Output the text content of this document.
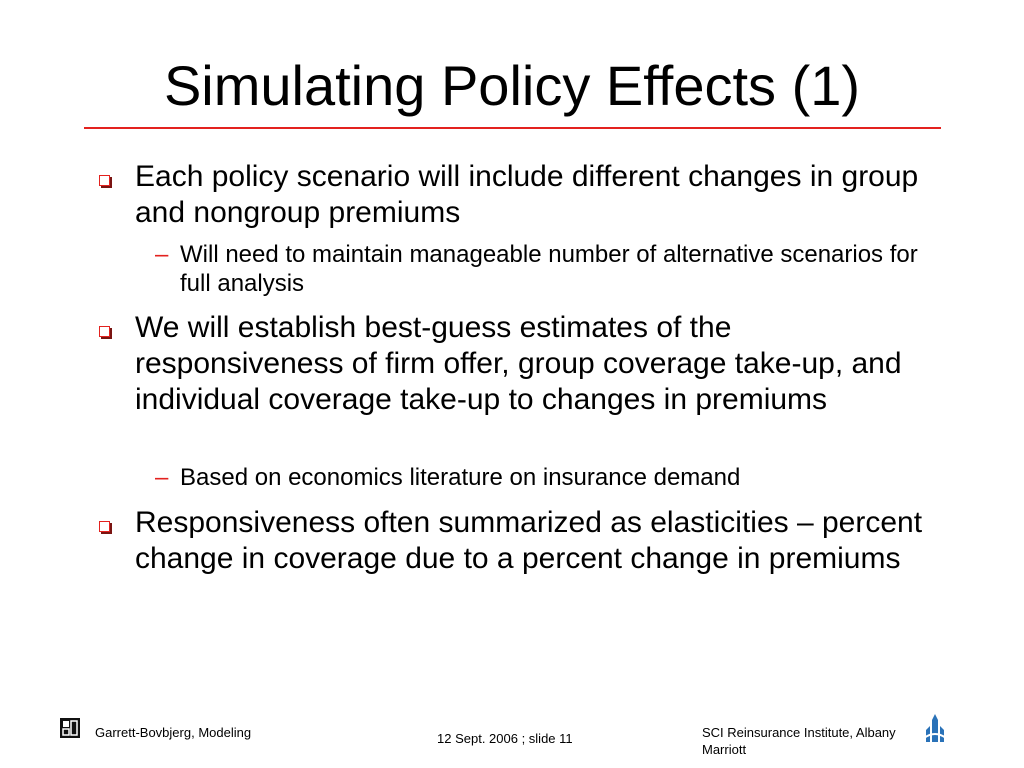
Simulating Policy Effects (1)
Each policy scenario will include different changes in group and nongroup premiums
– Will need to maintain manageable number of alternative scenarios for full analysis
We will establish best-guess estimates of the responsiveness of firm offer, group coverage take-up, and individual coverage take-up to changes in premiums
– Based on economics literature on insurance demand
Responsiveness often summarized as elasticities – percent change in coverage due to a percent change in premiums
Garrett-Bovbjerg, Modeling	12 Sept. 2006 ; slide 11	SCI Reinsurance Institute, Albany Marriott
